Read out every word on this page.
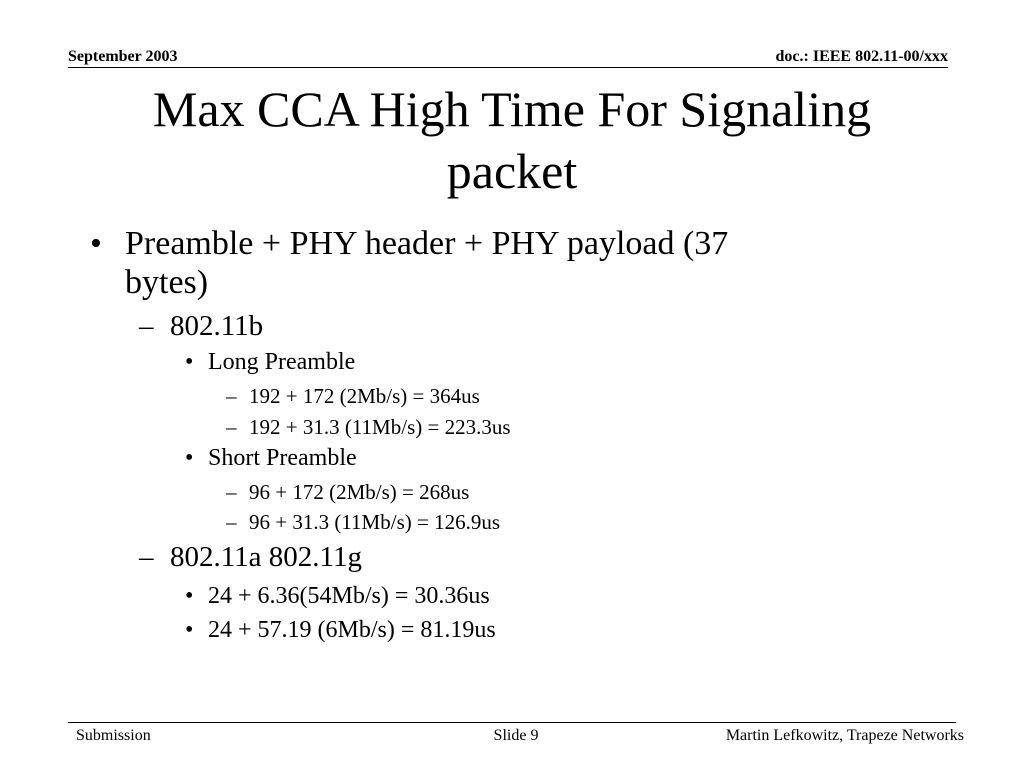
September 2003	doc.: IEEE 802.11-00/xxx
Max CCA High Time For Signaling
packet
• Preamble + PHY header + PHY payload (37
bytes)
– 802.11b
• Long Preamble
– 192 + 172 (2Mb/s) = 364us
– 192 + 31.3 (11Mb/s) = 223.3us
• Short Preamble
– 96 + 172 (2Mb/s) = 268us
– 96 + 31.3 (11Mb/s) = 126.9us
– 802.11a 802.11g
• 24 + 6.36(54Mb/s) = 30.36us
• 24 + 57.19 (6Mb/s) = 81.19us
Submission	Slide 9	Martin Lefkowitz, Trapeze Networks
